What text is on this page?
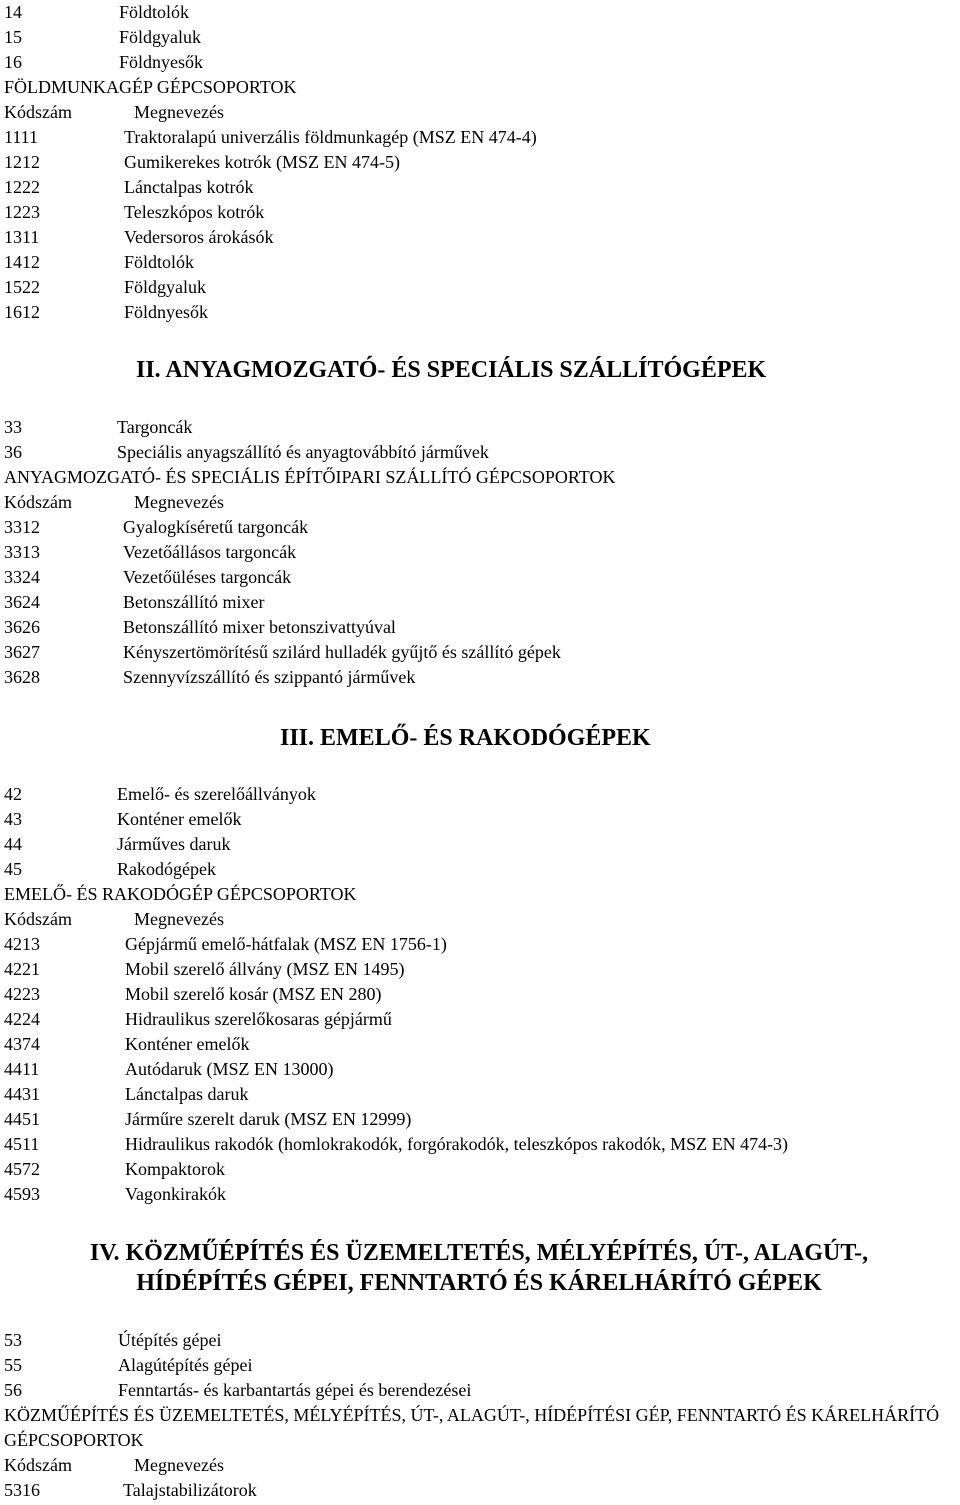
14	Földtolók
15	Földgyaluk
16	Földnyesők
FÖLDMUNKAGÉP GÉPCSOPORTOK
Kódszám	Megnevezés
1111	Traktoralapú univerzális földmunkagép (MSZ EN 474-4)
1212	Gumikerekes kotrók (MSZ EN 474-5)
1222	Lánctalpas kotrók
1223	Teleszkópos kotrók
1311	Vedersoros árokásók
1412	Földtolók
1522	Földgyaluk
1612	Földnyesők
II. ANYAGMOZGATÓ- ÉS SPECIÁLIS SZÁLLÍTÓGÉPEK
33	Targoncák
36	Speciális anyagszállító és anyagtovábbító járművek
ANYAGMOZGATÓ- ÉS SPECIÁLIS ÉPÍTŐIPARI SZÁLLÍTÓ GÉPCSOPORTOK
Kódszám	Megnevezés
3312	Gyalogkíséretű targoncák
3313	Vezetőállásos targoncák
3324	Vezetőüléses targoncák
3624	Betonszállító mixer
3626	Betonszállító mixer betonszivattyúval
3627	Kényszertömörítésű szilárd hulladék gyűjtő és szállító gépek
3628	Szennyvízszállító és szippantó járművek
III. EMELŐ- ÉS RAKODÓGÉPEK
42	Emelő- és szerelőállványok
43	Konténer emelők
44	Járműves daruk
45	Rakodógépek
EMELŐ- ÉS RAKODÓGÉP GÉPCSOPORTOK
Kódszám	Megnevezés
4213	Gépjármű emelő-hátfalak (MSZ EN 1756-1)
4221	Mobil szerelő állvány (MSZ EN 1495)
4223	Mobil szerelő kosár (MSZ EN 280)
4224	Hidraulikus szerelőkosaras gépjármű
4374	Konténer emelők
4411	Autódaruk (MSZ EN 13000)
4431	Lánctalpas daruk
4451	Járműre szerelt daruk (MSZ EN 12999)
4511	Hidraulikus rakodók (homlokrakodók, forgórakodók, teleszkópos rakodók, MSZ EN 474-3)
4572	Kompaktorok
4593	Vagonkirakók
IV. KÖZMŰÉPÍTÉS ÉS ÜZEMELTETÉS, MÉLYÉPÍTÉS, ÚT-, ALAGÚT-,
HÍDÉPÍTÉS GÉPEI, FENNTARTÓ ÉS KÁRELHÁRÍTÓ GÉPEK
53	Útépítés gépei
55	Alagútépítés gépei
56	Fenntartás- és karbantartás gépei és berendezései
KÖZMŰÉPÍTÉS ÉS ÜZEMELTETÉS, MÉLYÉPÍTÉS, ÚT-, ALAGÚT-, HÍDÉPÍTÉSI GÉP, FENNTARTÓ ÉS KÁRELHÁRÍTÓ GÉPCSOPORTOK
Kódszám	Megnevezés
5316	Talajstabilizátorok
